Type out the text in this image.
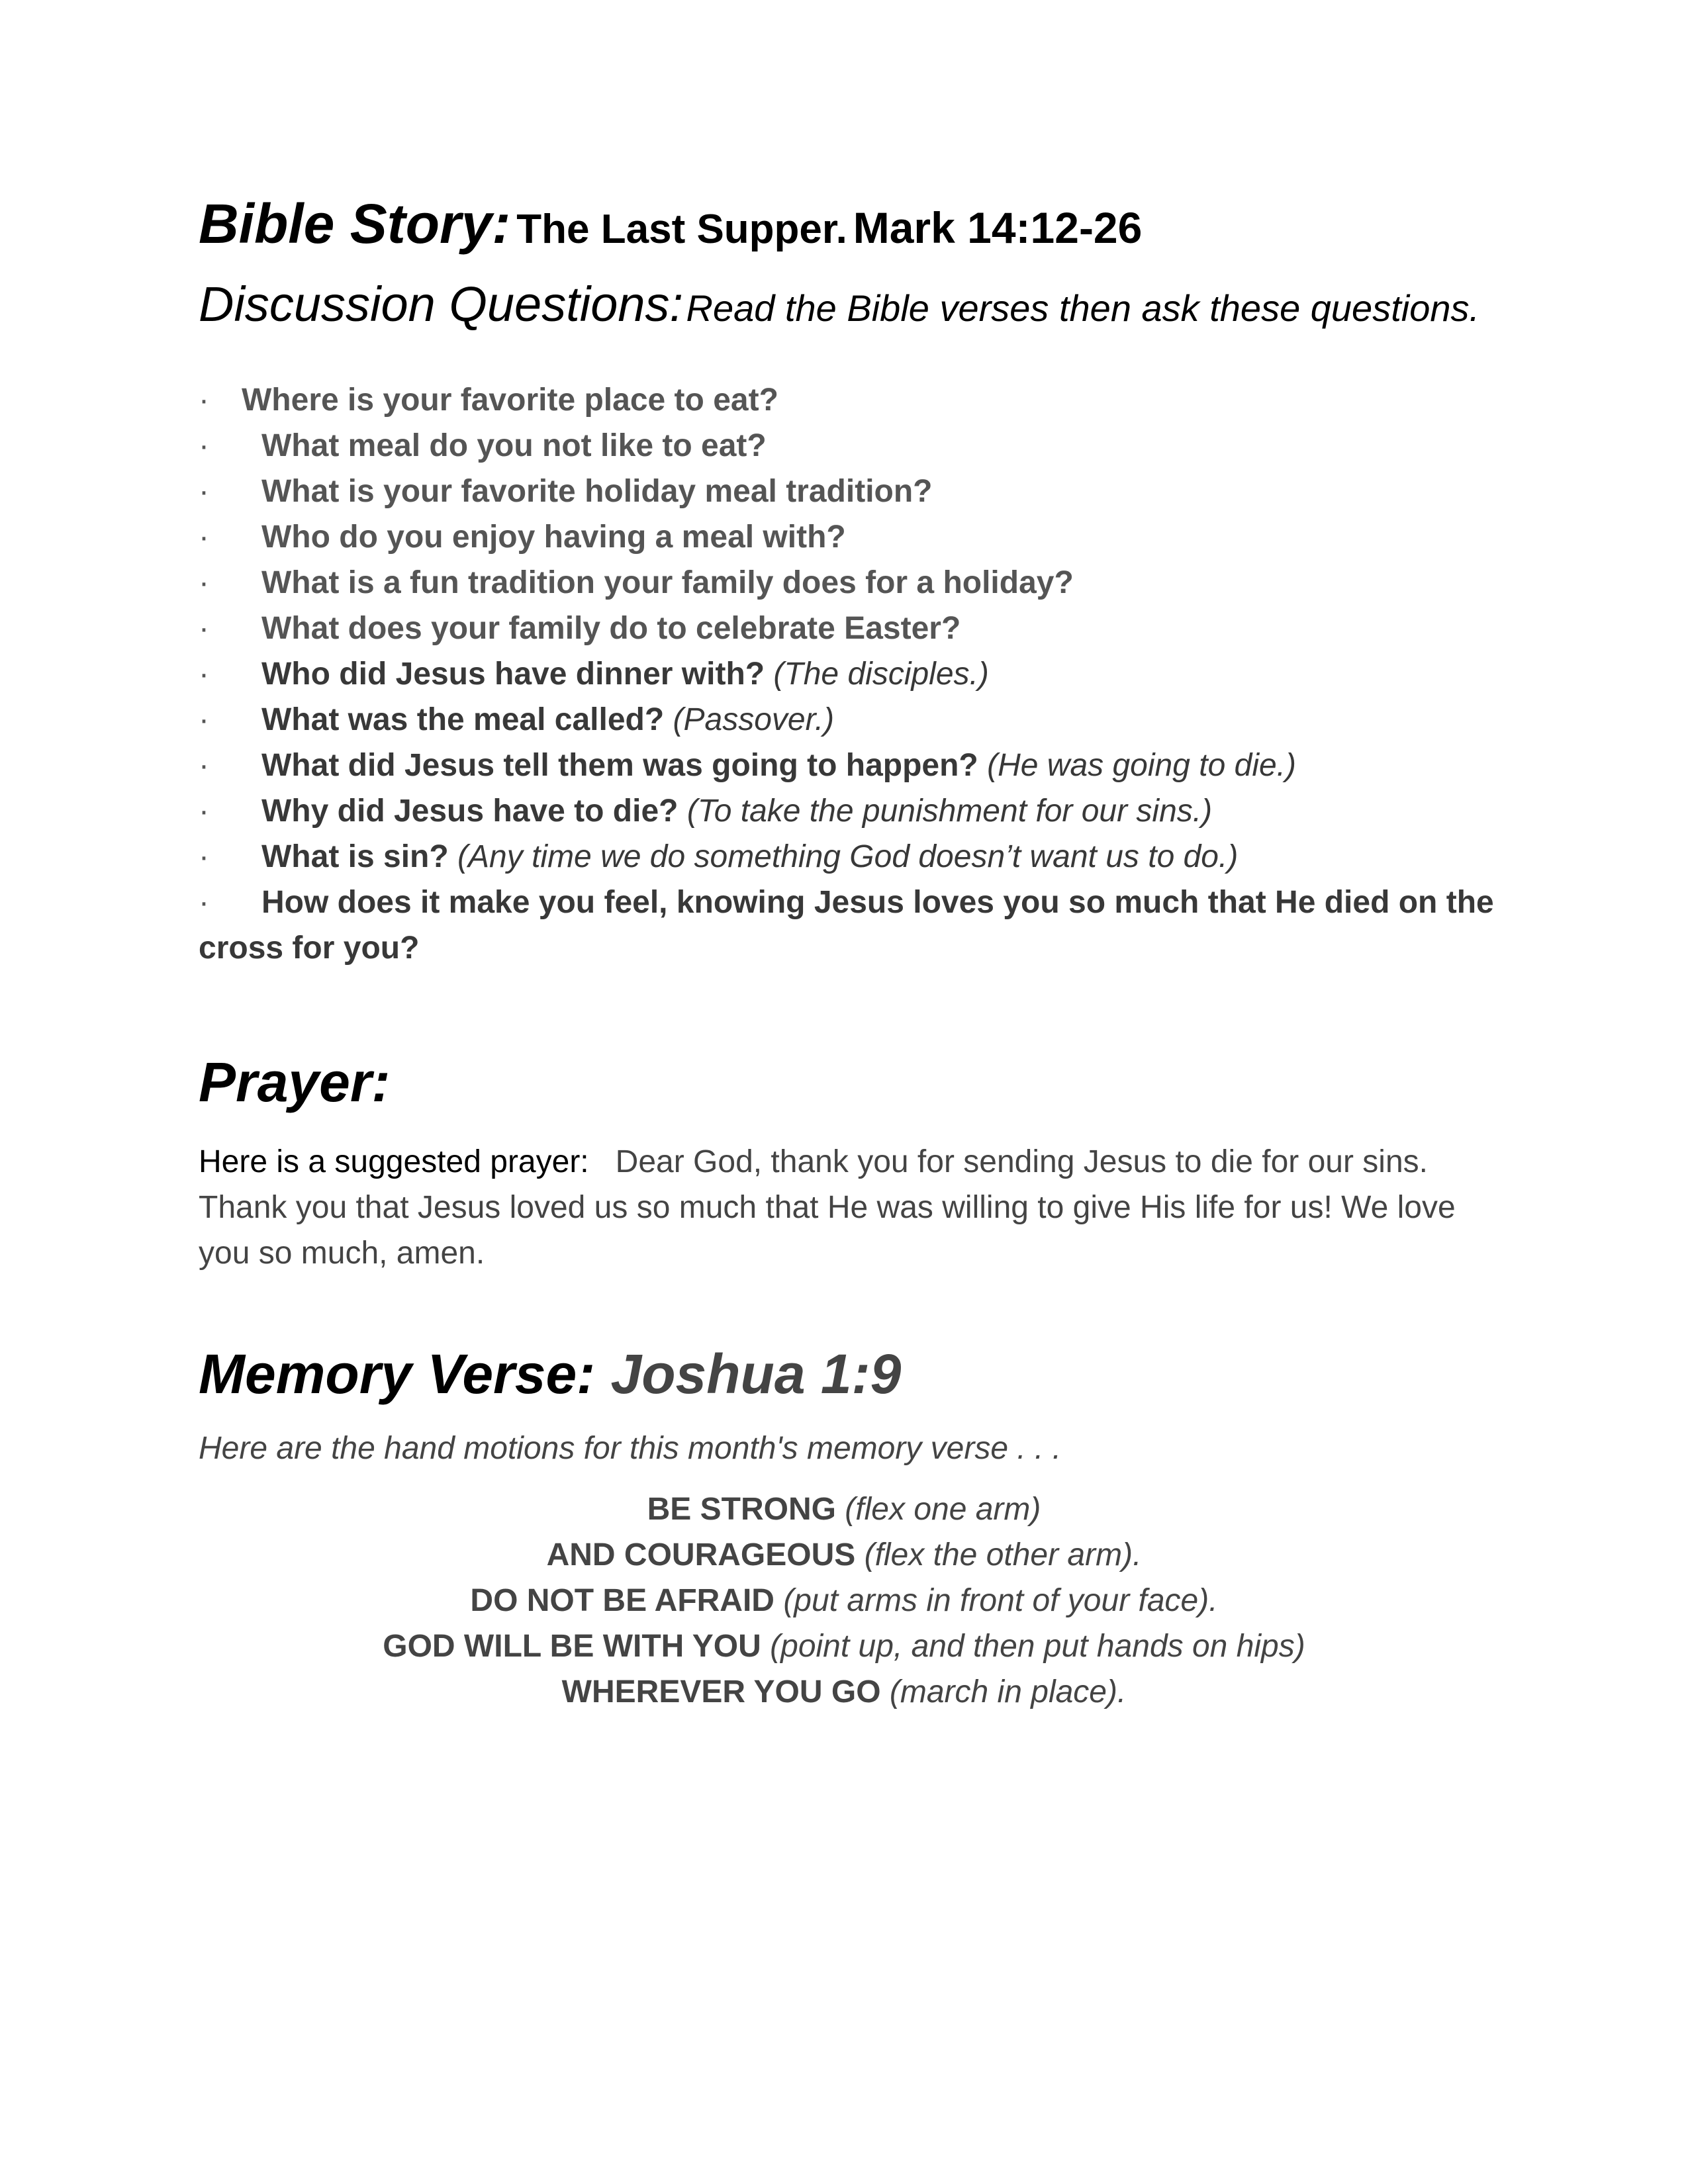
Bible Story: The Last Supper. Mark 14:12-26

Discussion Questions: Read the Bible verses then ask these questions.

· Where is your favorite place to eat?
· What meal do you not like to eat?
· What is your favorite holiday meal tradition?
· Who do you enjoy having a meal with?
· What is a fun tradition your family does for a holiday?
· What does your family do to celebrate Easter?
· Who did Jesus have dinner with? (The disciples.)
· What was the meal called? (Passover.)
· What did Jesus tell them was going to happen? (He was going to die.)
· Why did Jesus have to die? (To take the punishment for our sins.)
· What is sin? (Any time we do something God doesn’t want us to do.)
· How does it make you feel, knowing Jesus loves you so much that He died on the cross for you?
Prayer:

Here is a suggested prayer: Dear God, thank you for sending Jesus to die for our sins. Thank you that Jesus loved us so much that He was willing to give His life for us! We love you so much, amen.

Memory Verse: Joshua 1:9

Here are the hand motions for this month's memory verse . . .

BE STRONG (flex one arm)
AND COURAGEOUS (flex the other arm).
DO NOT BE AFRAID (put arms in front of your face).
GOD WILL BE WITH YOU (point up, and then put hands on hips)
WHEREVER YOU GO (march in place).
